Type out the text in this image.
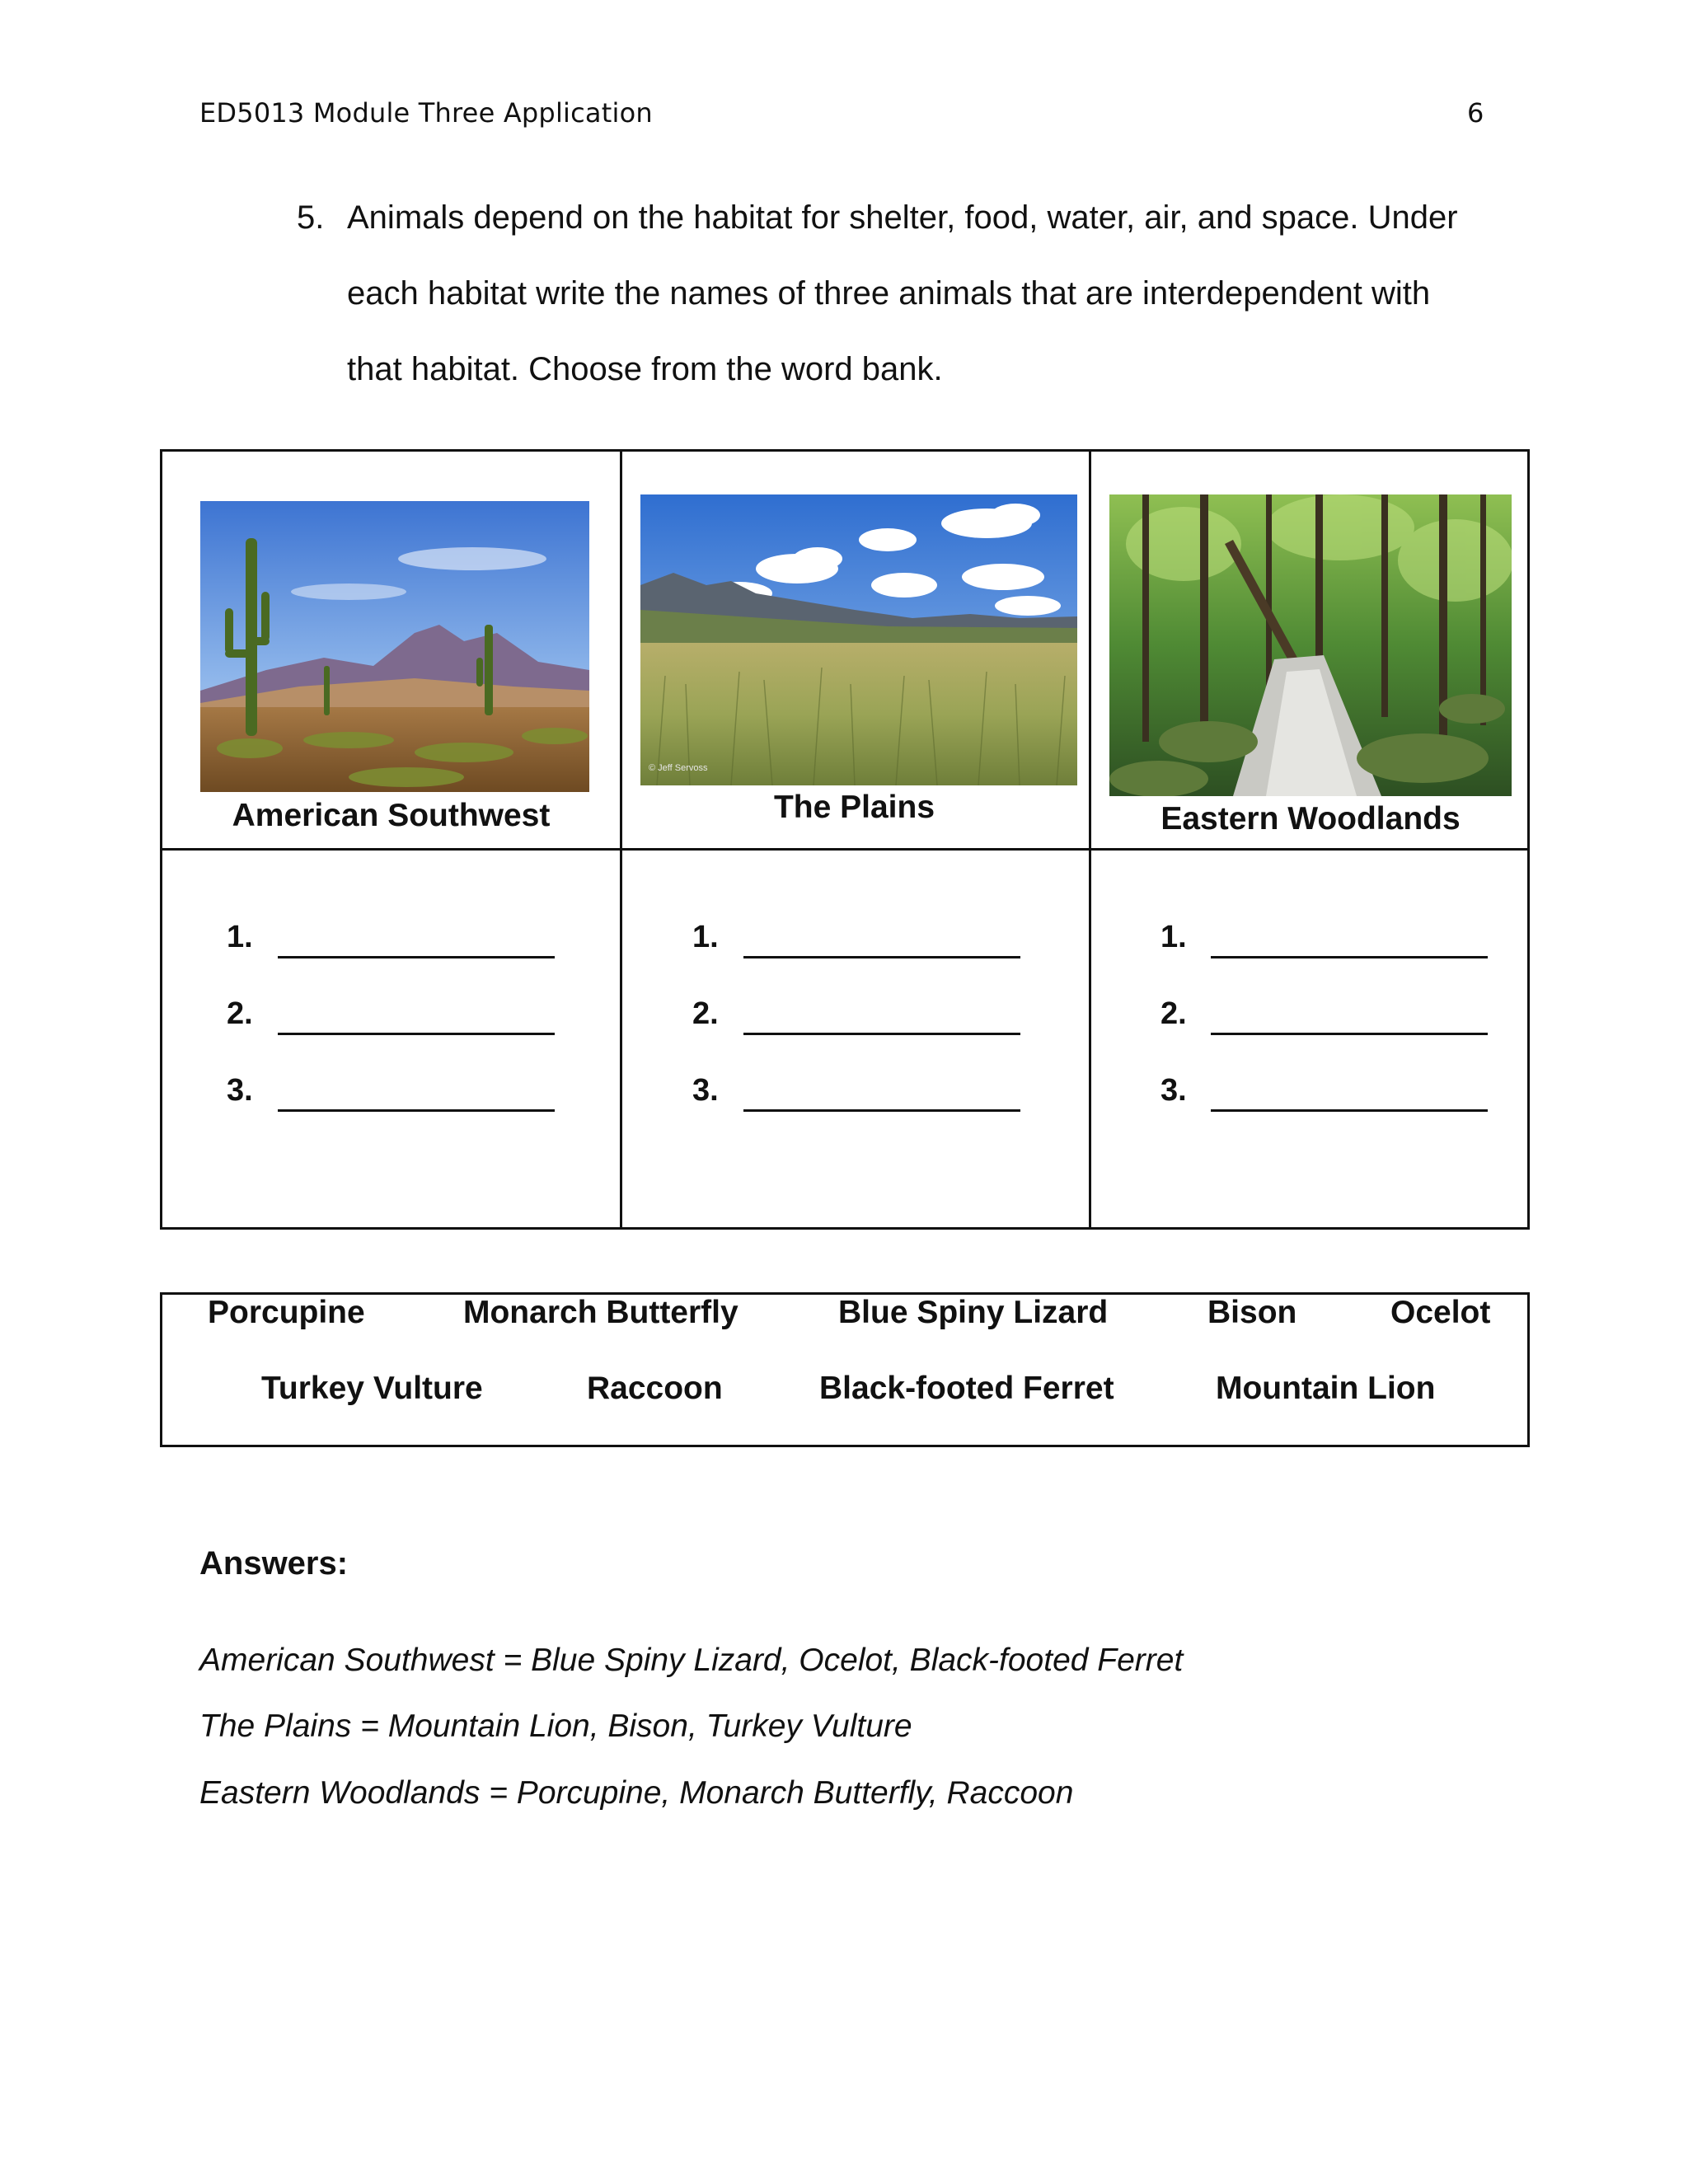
ED5013 Module Three Application	6
5. Animals depend on the habitat for shelter, food, water, air, and space. Under
each habitat write the names of three animals that are interdependent with
that habitat. Choose from the word bank.
American Southwest
© Jeff Servoss
The Plains	Eastern Woodlands
1.
2.
3.
1.
2.
3.
1.
2.
3.
Porcupine	Monarch Butterfly	Blue Spiny Lizard	Bison	Ocelot
Turkey Vulture	Raccoon	Black-footed Ferret	Mountain Lion
Answers:
American Southwest = Blue Spiny Lizard, Ocelot, Black-footed Ferret
The Plains = Mountain Lion, Bison, Turkey Vulture
Eastern Woodlands = Porcupine, Monarch Butterfly, Raccoon
